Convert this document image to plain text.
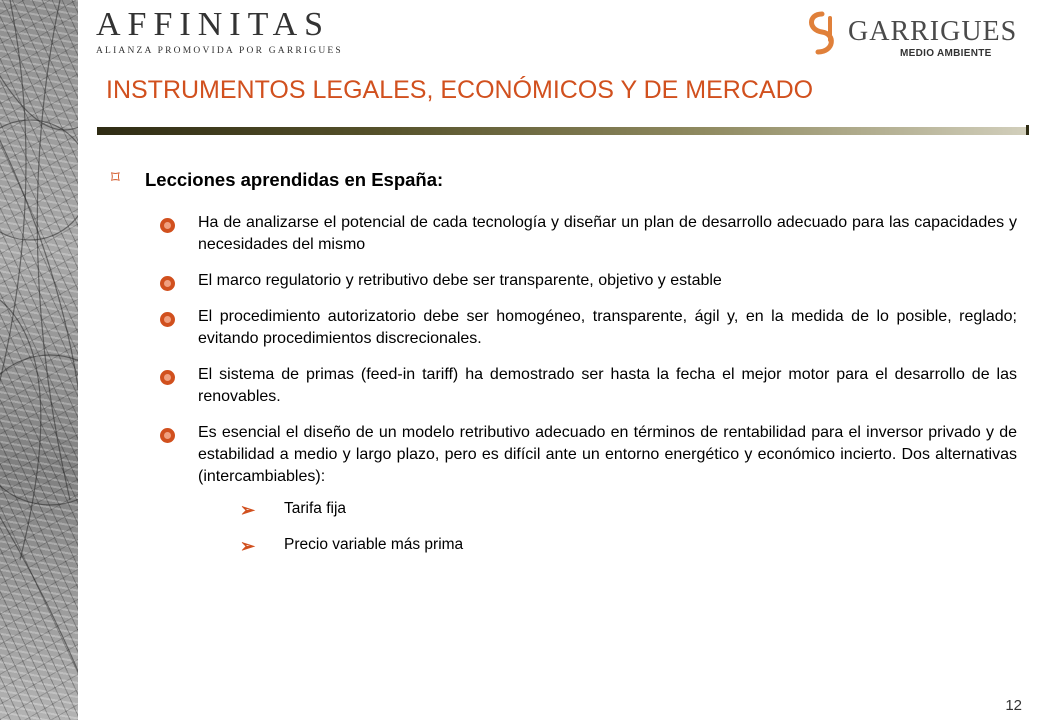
AFFINITAS
ALIANZA PROMOVIDA POR GARRIGUES
GARRIGUES
MEDIO AMBIENTE
INSTRUMENTOS LEGALES, ECONÓMICOS Y DE MERCADO
⌑ Lecciones aprendidas en España:
Ha de analizarse el potencial de cada tecnología y diseñar un plan de desarrollo adecuado para las capacidades y necesidades del mismo
El marco regulatorio y retributivo debe ser transparente, objetivo y estable
El procedimiento autorizatorio debe ser homogéneo, transparente, ágil y, en la medida de lo posible, reglado; evitando procedimientos discrecionales.
El sistema de primas (feed-in tariff) ha demostrado ser hasta la fecha el mejor motor para el desarrollo de las renovables.
Es esencial el diseño de un modelo retributivo adecuado en términos de rentabilidad para el inversor privado y de estabilidad a medio y largo plazo, pero es difícil ante un entorno energético y económico incierto. Dos alternativas (intercambiables):
➢ Tarifa fija
➢ Precio variable más prima
12
